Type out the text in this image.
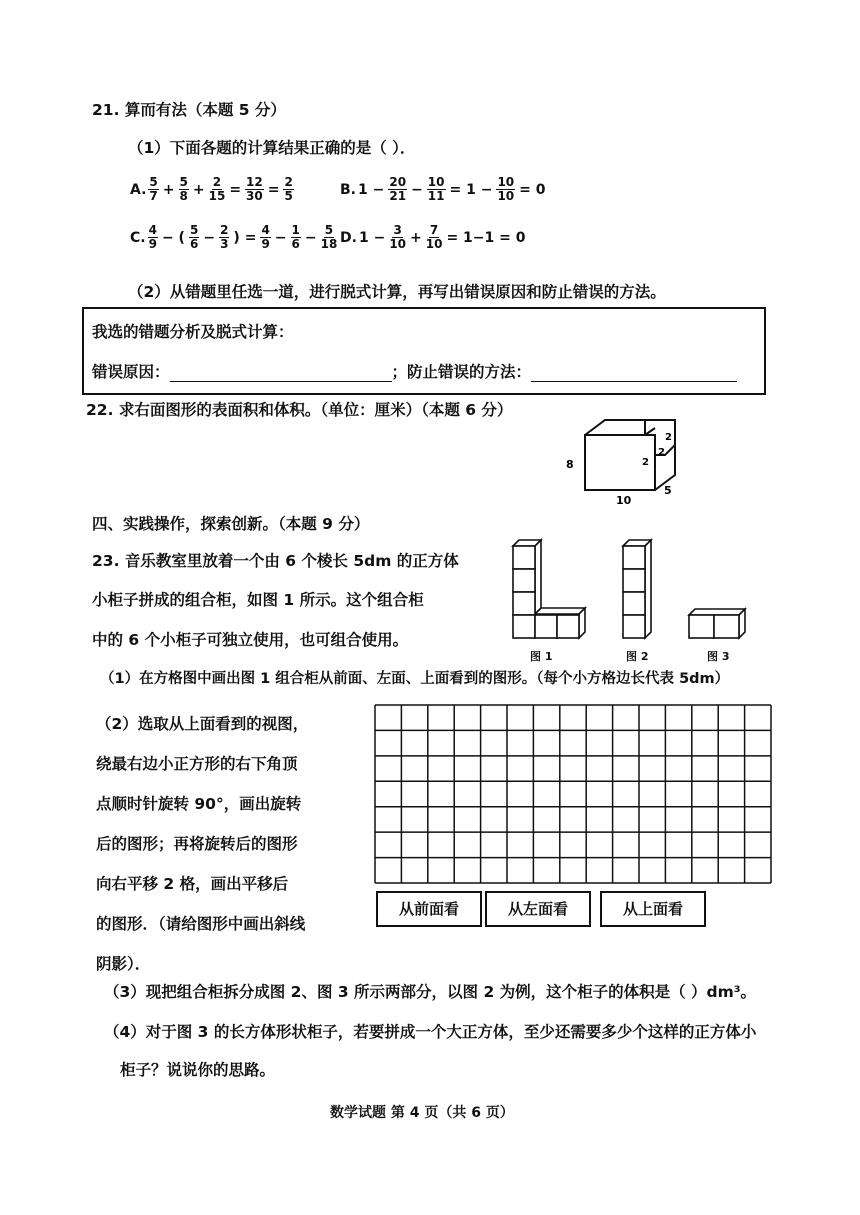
21. 算而有法（本题 5 分）
（1）下面各题的计算结果正确的是（ ）．
A. $\frac{5}{7} + \frac{5}{8} + \frac{2}{15} = \frac{12}{30} = \frac{2}{5}$	B. $1 - \frac{20}{21} - \frac{10}{11} = 1 - \frac{10}{10} = 0$
C. $\frac{4}{9}$ − ( $\frac{5}{6} - \frac{2}{3}$ ) = $\frac{4}{9} - \frac{1}{6} - \frac{5}{18} D$. $1 - \frac{3}{10} + \frac{7}{10} = 1-1 = 0$
（2）从错题里任选一道，进行脱式计算，再写出错误原因和防止错误的方法。
我选的错题分析及脱式计算：
错误原因：	； 防止错误的方法：
22. 求右面图形的表面积和体积。（单位：厘米）（本题 6 分）
8
10
5
2
2
2
四、实践操作，探索创新。（本题 9 分）
23. 音乐教室里放着一个由 6 个棱长 5dm 的正方体
小柜子拼成的组合柜，如图 1 所示。这个组合柜
中的 6 个小柜子可独立使用，也可组合使用。
图 1	图 2	图 3
（1）在方格图中画出图 1 组合柜从前面、左面、上面看到的图形。（每个小方格边长代表 5dm）
（2）选取从上面看到的视图，
绕最右边小正方形的右下角顶
点顺时针旋转 90°，画出旋转
后的图形；再将旋转后的图形
向右平移 2 格，画出平移后
的图形．（请给图形中画出斜线
阴影）．
从前面看	从左面看	从上面看
（3）现把组合柜拆分成图 2、图 3 所示两部分，以图 2 为例，这个柜子的体积是（ ）dm³。
（4）对于图 3 的长方体形状柜子，若要拼成一个大正方体，至少还需要多少个这样的正方体小
柜子？说说你的思路。
数学试题 第 4 页（共 6 页）
